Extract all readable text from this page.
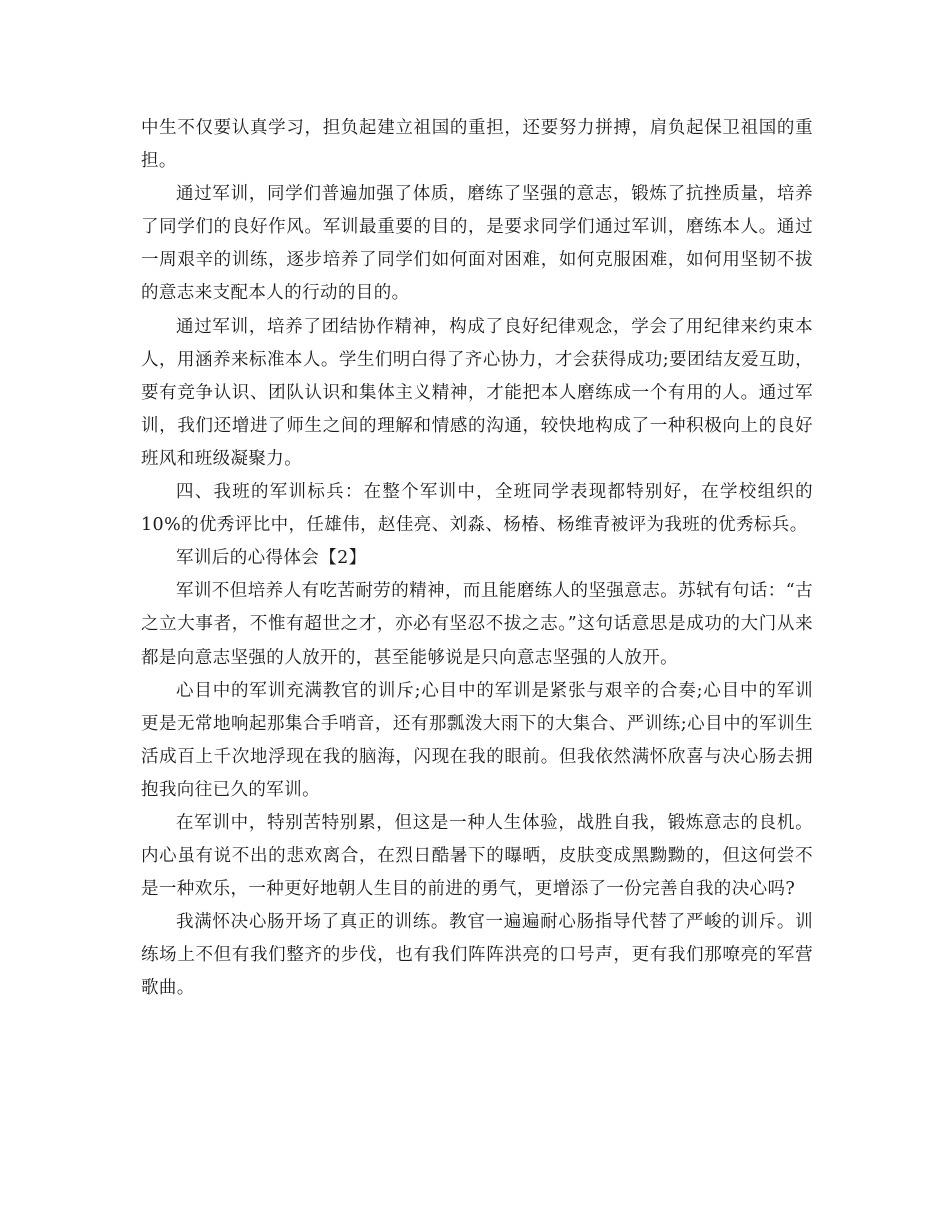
中生不仅要认真学习，担负起建立祖国的重担，还要努力拼搏，肩负起保卫祖国的重担。

通过军训，同学们普遍加强了体质，磨练了坚强的意志，锻炼了抗挫质量，培养了同学们的良好作风。军训最重要的目的，是要求同学们通过军训，磨练本人。通过一周艰辛的训练，逐步培养了同学们如何面对困难，如何克服困难，如何用坚韧不拔的意志来支配本人的行动的目的。

通过军训，培养了团结协作精神，构成了良好纪律观念，学会了用纪律来约束本人，用涵养来标准本人。学生们明白得了齐心协力，才会获得成功;要团结友爱互助，要有竞争认识、团队认识和集体主义精神，才能把本人磨练成一个有用的人。通过军训，我们还增进了师生之间的理解和情感的沟通，较快地构成了一种积极向上的良好班风和班级凝聚力。

四、我班的军训标兵：在整个军训中，全班同学表现都特别好，在学校组织的10%的优秀评比中，任雄伟，赵佳亮、刘淼、杨椿、杨维青被评为我班的优秀标兵。

军训后的心得体会【2】

军训不但培养人有吃苦耐劳的精神，而且能磨练人的坚强意志。苏轼有句话：“古之立大事者，不惟有超世之才，亦必有坚忍不拔之志。”这句话意思是成功的大门从来都是向意志坚强的人放开的，甚至能够说是只向意志坚强的人放开。

心目中的军训充满教官的训斥;心目中的军训是紧张与艰辛的合奏;心目中的军训更是无常地响起那集合手哨音，还有那瓢泼大雨下的大集合、严训练;心目中的军训生活成百上千次地浮现在我的脑海，闪现在我的眼前。但我依然满怀欣喜与决心肠去拥抱我向往已久的军训。

在军训中，特别苦特别累，但这是一种人生体验，战胜自我，锻炼意志的良机。内心虽有说不出的悲欢离合，在烈日酷暑下的曝晒，皮肤变成黑黝黝的，但这何尝不是一种欢乐，一种更好地朝人生目的前进的勇气，更增添了一份完善自我的决心吗?

我满怀决心肠开场了真正的训练。教官一遍遍耐心肠指导代替了严峻的训斥。训练场上不但有我们整齐的步伐，也有我们阵阵洪亮的口号声，更有我们那嘹亮的军营歌曲。
